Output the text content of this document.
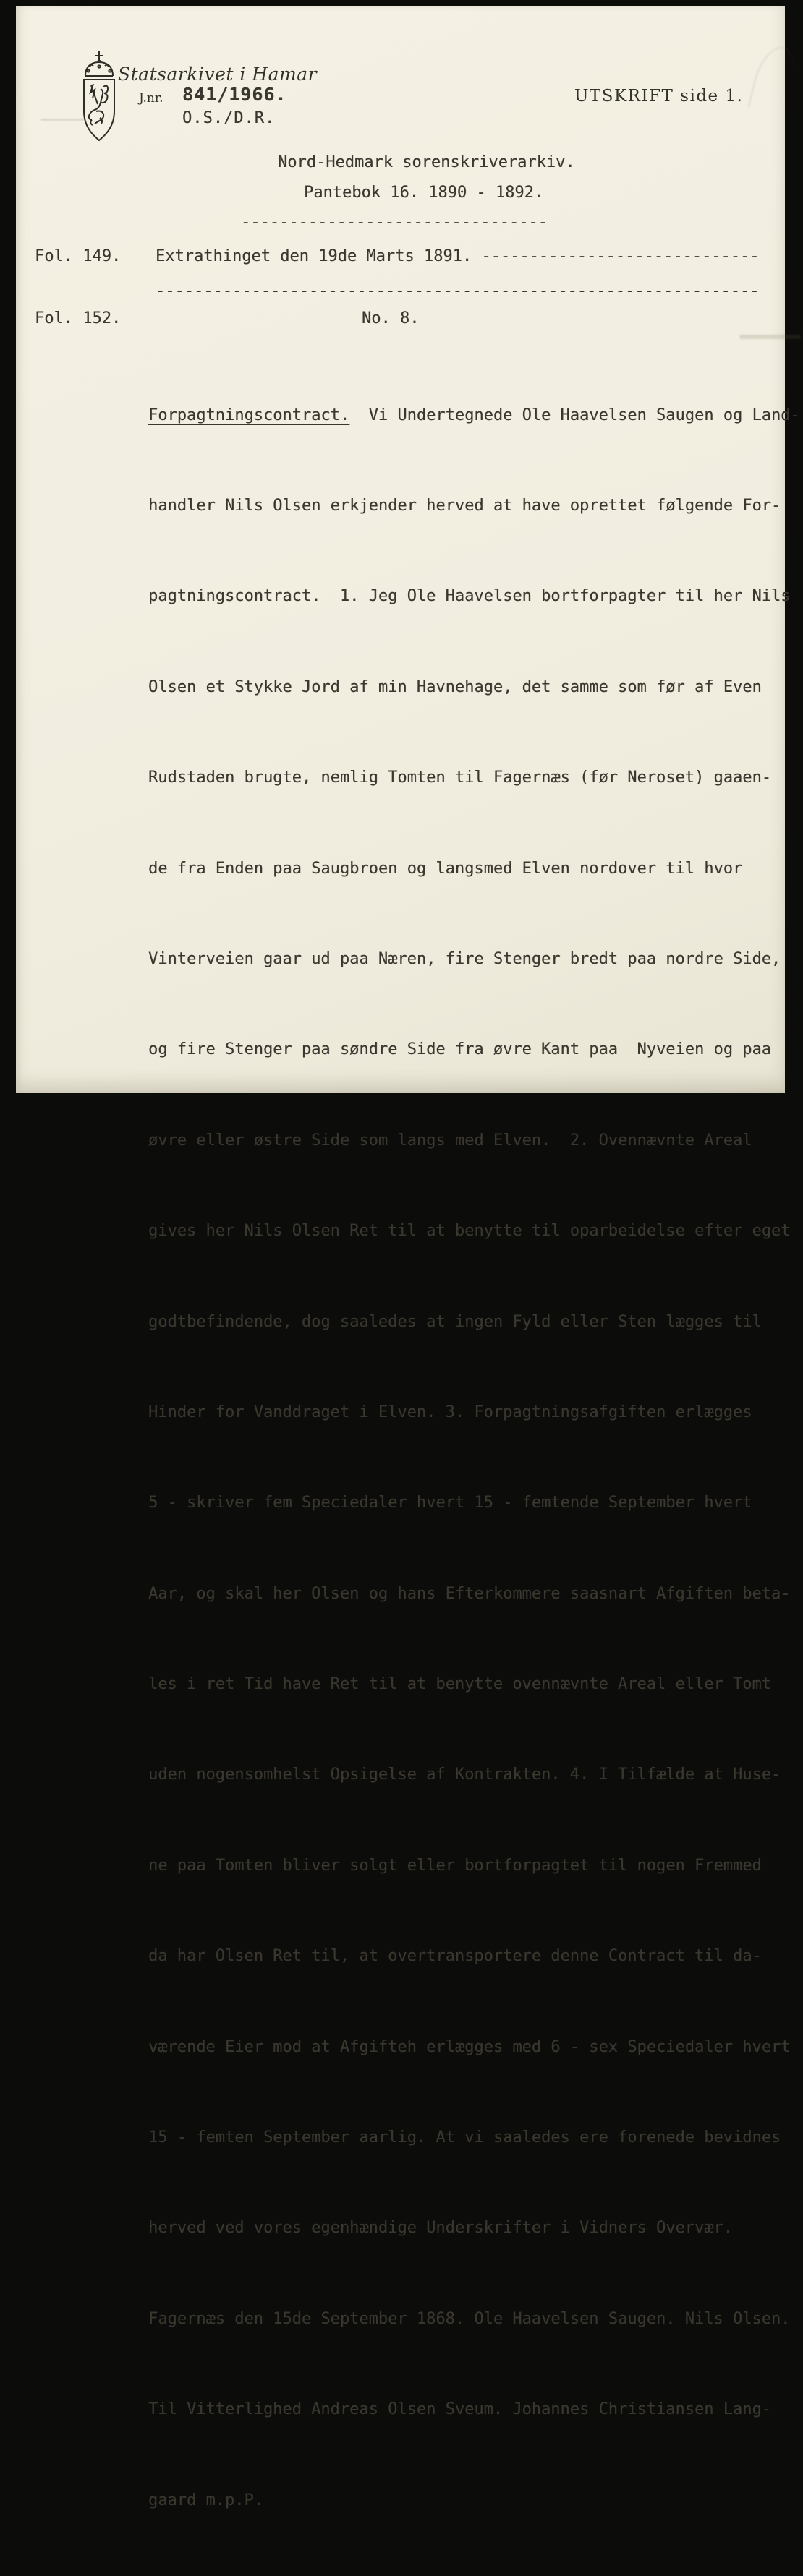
Statsarkivet i Hamar
J.nr. 841/1966.
O.S./D.R.
UTSKRIFT side 1.
Nord-Hedmark sorenskriverarkiv.
Pantebok 16. 1890 - 1892.
--------------------------------
Fol. 149. Extrathinget den 19de Marts 1891. -----------------------------
---------------------------------------------------------------
Fol. 152.	No. 8.

Forpagtningscontract.  Vi Undertegnede Ole Haavelsen Saugen og Land-

handler Nils Olsen erkjender herved at have oprettet følgende For-

pagtningscontract.  1. Jeg Ole Haavelsen bortforpagter til her Nils

Olsen et Stykke Jord af min Havnehage, det samme som før af Even

Rudstaden brugte, nemlig Tomten til Fagernæs (før Neroset) gaaen-

de fra Enden paa Saugbroen og langsmed Elven nordover til hvor

Vinterveien gaar ud paa Næren, fire Stenger bredt paa nordre Side,

og fire Stenger paa søndre Side fra øvre Kant paa  Nyveien og paa

øvre eller østre Side som langs med Elven.  2. Ovennævnte Areal

gives her Nils Olsen Ret til at benytte til oparbeidelse efter eget

godtbefindende, dog saaledes at ingen Fyld eller Sten lægges til

Hinder for Vanddraget i Elven. 3. Forpagtningsafgiften erlægges

5 - skriver fem Speciedaler hvert 15 - femtende September hvert

Aar, og skal her Olsen og hans Efterkommere saasnart Afgiften beta-

les i ret Tid have Ret til at benytte ovennævnte Areal eller Tomt

uden nogensomhelst Opsigelse af Kontrakten. 4. I Tilfælde at Huse-

ne paa Tomten bliver solgt eller bortforpagtet til nogen Fremmed

da har Olsen Ret til, at overtransportere denne Contract til da-

værende Eier mod at Afgifteh erlægges med 6 - sex Speciedaler hvert

15 - femten September aarlig. At vi saaledes ere forenede bevidnes

herved ved vores egenhændige Underskrifter i Vidners Overvær.

Fagernæs den 15de September 1868. Ole Haavelsen Saugen. Nils Olsen.

Til Vitterlighed Andreas Olsen Sveum. Johannes Christiansen Lang-

gaard m.p.P.
